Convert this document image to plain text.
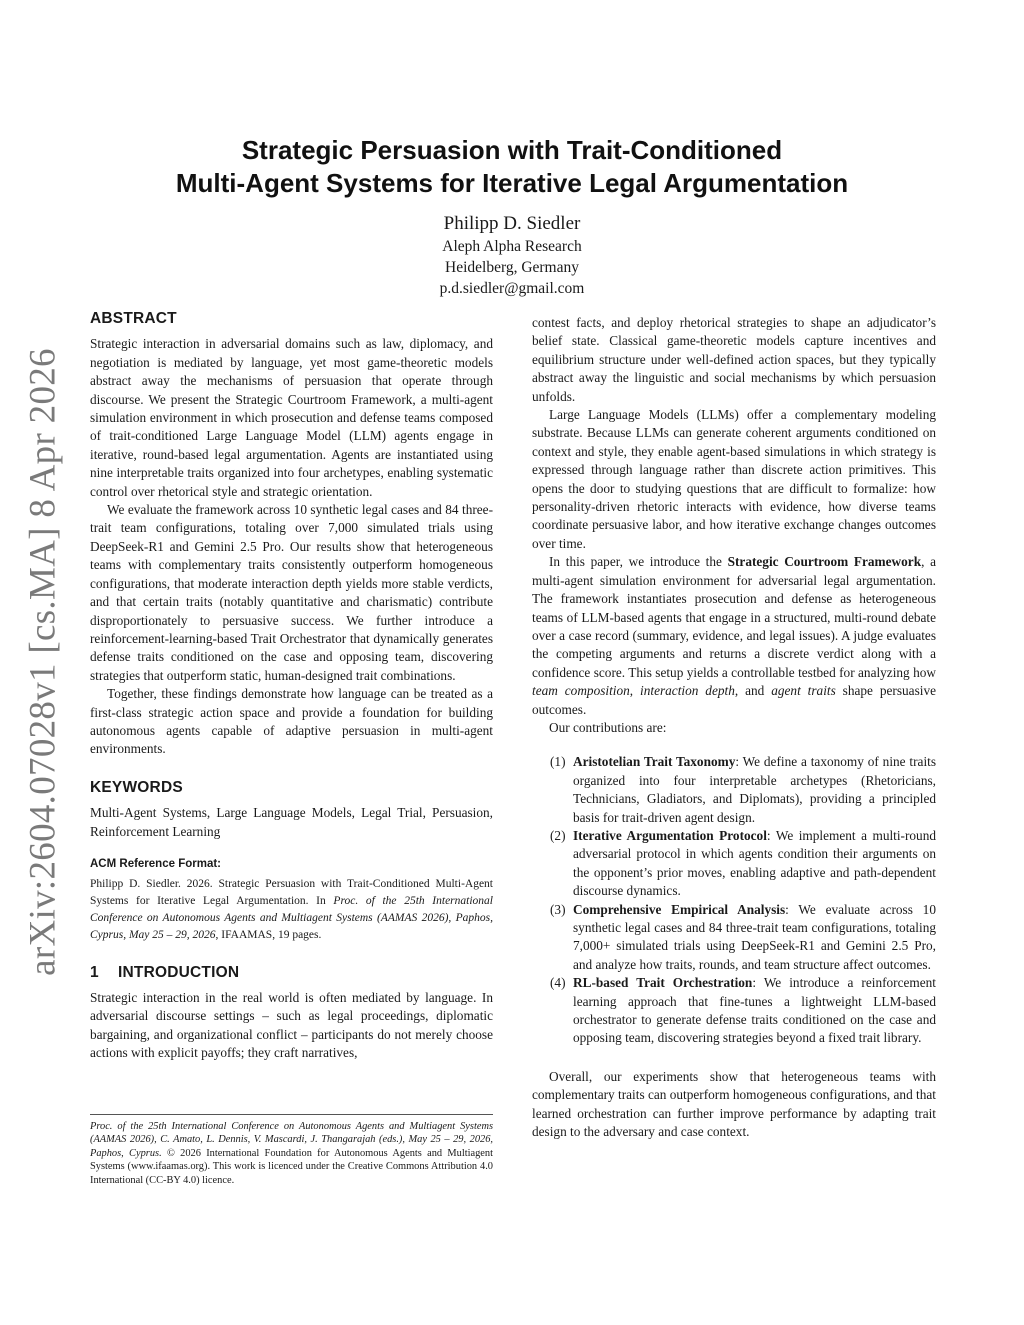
arXiv:2604.07028v1 [cs.MA] 8 Apr 2026
Strategic Persuasion with Trait-Conditioned
Multi-Agent Systems for Iterative Legal Argumentation
Philipp D. Siedler
Aleph Alpha Research
Heidelberg, Germany
p.d.siedler@gmail.com
ABSTRACT

Strategic interaction in adversarial domains such as law, diplomacy, and negotiation is mediated by language, yet most game-theoretic models abstract away the mechanisms of persuasion that operate through discourse. We present the Strategic Courtroom Framework, a multi-agent simulation environment in which prosecution and defense teams composed of trait-conditioned Large Language Model (LLM) agents engage in iterative, round-based legal argumentation. Agents are instantiated using nine interpretable traits organized into four archetypes, enabling systematic control over rhetorical style and strategic orientation.

We evaluate the framework across 10 synthetic legal cases and 84 three-trait team configurations, totaling over 7,000 simulated trials using DeepSeek-R1 and Gemini 2.5 Pro. Our results show that heterogeneous teams with complementary traits consistently outperform homogeneous configurations, that moderate interaction depth yields more stable verdicts, and that certain traits (notably quantitative and charismatic) contribute disproportionately to persuasive success. We further introduce a reinforcement-learning-based Trait Orchestrator that dynamically generates defense traits conditioned on the case and opposing team, discovering strategies that outperform static, human-designed trait combinations.

Together, these findings demonstrate how language can be treated as a first-class strategic action space and provide a foundation for building autonomous agents capable of adaptive persuasion in multi-agent environments.

KEYWORDS

Multi-Agent Systems, Large Language Models, Legal Trial, Persuasion, Reinforcement Learning

ACM Reference Format:
Philipp D. Siedler. 2026. Strategic Persuasion with Trait-Conditioned Multi-Agent Systems for Iterative Legal Argumentation. In Proc. of the 25th International Conference on Autonomous Agents and Multiagent Systems (AAMAS 2026), Paphos, Cyprus, May 25 – 29, 2026, IFAAMAS, 19 pages.
1 INTRODUCTION

Strategic interaction in the real world is often mediated by language. In adversarial discourse settings – such as legal proceedings, diplomatic bargaining, and organizational conflict – participants do not merely choose actions with explicit payoffs; they craft narratives,

Proc. of the 25th International Conference on Autonomous Agents and Multiagent Systems (AAMAS 2026), C. Amato, L. Dennis, V. Mascardi, J. Thangarajah (eds.), May 25 – 29, 2026, Paphos, Cyprus. © 2026 International Foundation for Autonomous Agents and Multiagent Systems (www.ifaamas.org). This work is licenced under the Creative Commons Attribution 4.0 International (CC-BY 4.0) licence.

contest facts, and deploy rhetorical strategies to shape an adjudicator’s belief state. Classical game-theoretic models capture incentives and equilibrium structure under well-defined action spaces, but they typically abstract away the linguistic and social mechanisms by which persuasion unfolds.

Large Language Models (LLMs) offer a complementary modeling substrate. Because LLMs can generate coherent arguments conditioned on context and style, they enable agent-based simulations in which strategy is expressed through language rather than discrete action primitives. This opens the door to studying questions that are difficult to formalize: how personality-driven rhetoric interacts with evidence, how diverse teams coordinate persuasive labor, and how iterative exchange changes outcomes over time.

In this paper, we introduce the Strategic Courtroom Framework, a multi-agent simulation environment for adversarial legal argumentation. The framework instantiates prosecution and defense as heterogeneous teams of LLM-based agents that engage in a structured, multi-round debate over a case record (summary, evidence, and legal issues). A judge evaluates the competing arguments and returns a discrete verdict along with a confidence score. This setup yields a controllable testbed for analyzing how team composition, interaction depth, and agent traits shape persuasive outcomes.

Our contributions are:

(1) Aristotelian Trait Taxonomy: We define a taxonomy of nine traits organized into four interpretable archetypes (Rhetoricians, Technicians, Gladiators, and Diplomats), providing a principled basis for trait-driven agent design.
(2) Iterative Argumentation Protocol: We implement a multi-round adversarial protocol in which agents condition their arguments on the opponent’s prior moves, enabling adaptive and path-dependent discourse dynamics.
(3) Comprehensive Empirical Analysis: We evaluate across 10 synthetic legal cases and 84 three-trait team configurations, totaling 7,000+ simulated trials using DeepSeek-R1 and Gemini 2.5 Pro, and analyze how traits, rounds, and team structure affect outcomes.
(4) RL-based Trait Orchestration: We introduce a reinforcement learning approach that fine-tunes a lightweight LLM-based orchestrator to generate defense traits conditioned on the case and opposing team, discovering strategies beyond a fixed trait library.

Overall, our experiments show that heterogeneous teams with complementary traits can outperform homogeneous configurations, and that learned orchestration can further improve performance by adapting trait design to the adversary and case context.
